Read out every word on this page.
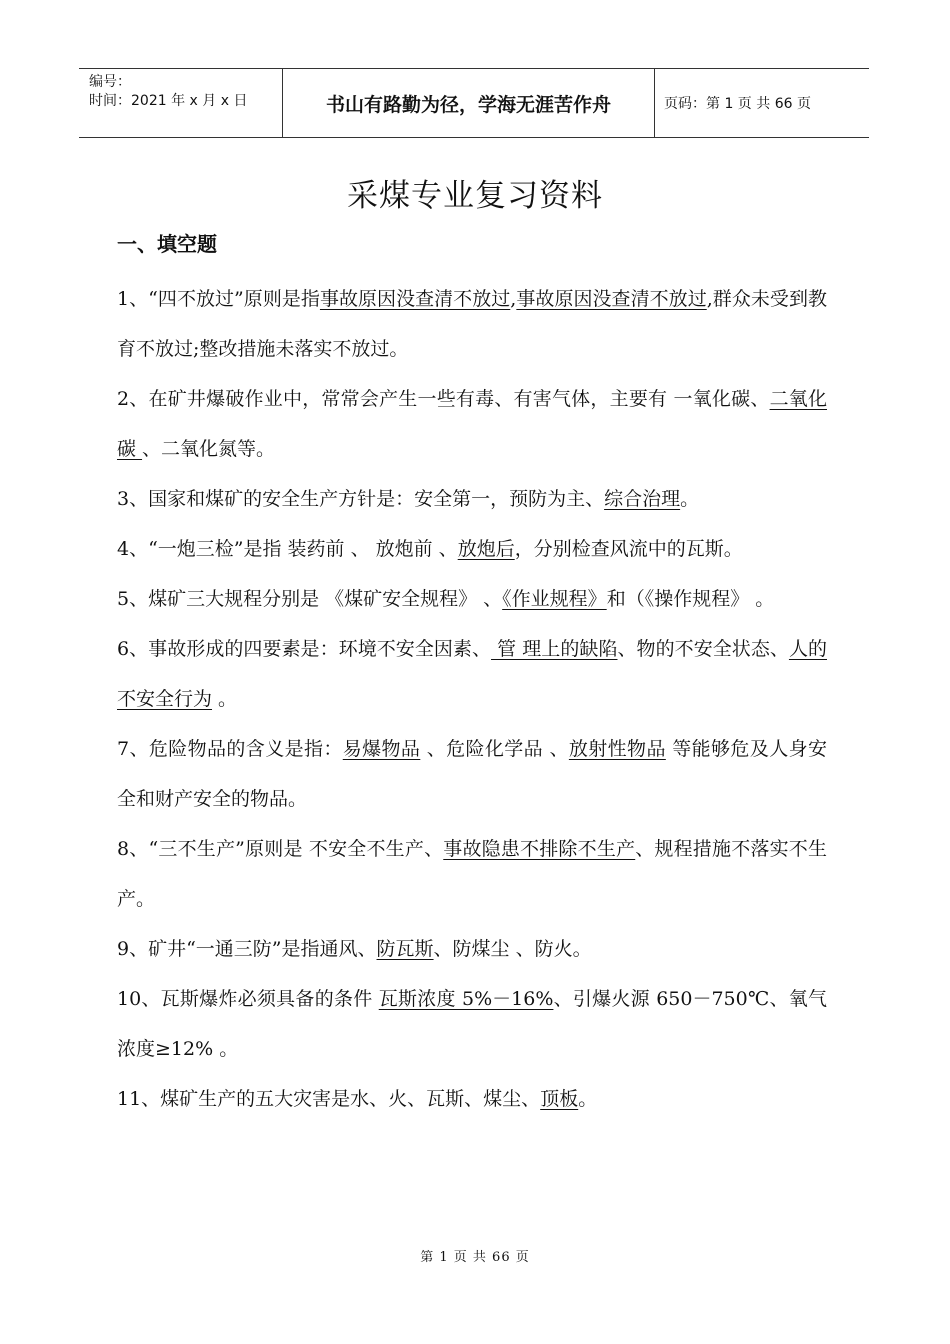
编号：
时间：2021 年 x 月 x 日	书山有路勤为径，学海无涯苦作舟	页码：第 1 页 共 66 页
采煤专业复习资料
一、填空题

1、“四不放过”原则是指事故原因没查清不放过,事故原因没查清不放过,群众未受到教育不放过;整改措施未落实不放过。

2、在矿井爆破作业中，常常会产生一些有毒、有害气体，主要有 一氧化碳、二氧化碳 、二氧化氮等。

3、国家和煤矿的安全生产方针是：安全第一，预防为主、综合治理。

4、“一炮三检”是指 装药前 、 放炮前 、放炮后，分别检查风流中的瓦斯。

5、煤矿三大规程分别是 《煤矿安全规程》 、《作业规程》和（《操作规程》 。

6、事故形成的四要素是：环境不安全因素、 管 理上的缺陷、物的不安全状态、人的不安全行为 。

7、危险物品的含义是指：易爆物品 、危险化学品 、放射性物品 等能够危及人身安全和财产安全的物品。

8、“三不生产”原则是 不安全不生产、事故隐患不排除不生产、规程措施不落实不生产。

9、矿井“一通三防”是指通风、防瓦斯、防煤尘 、防火。

10、瓦斯爆炸必须具备的条件 瓦斯浓度 5%－16%、引爆火源 650－750℃、氧气浓度≥12% 。

11、煤矿生产的五大灾害是水、火、瓦斯、煤尘、顶板。

第 1 页 共 66 页
